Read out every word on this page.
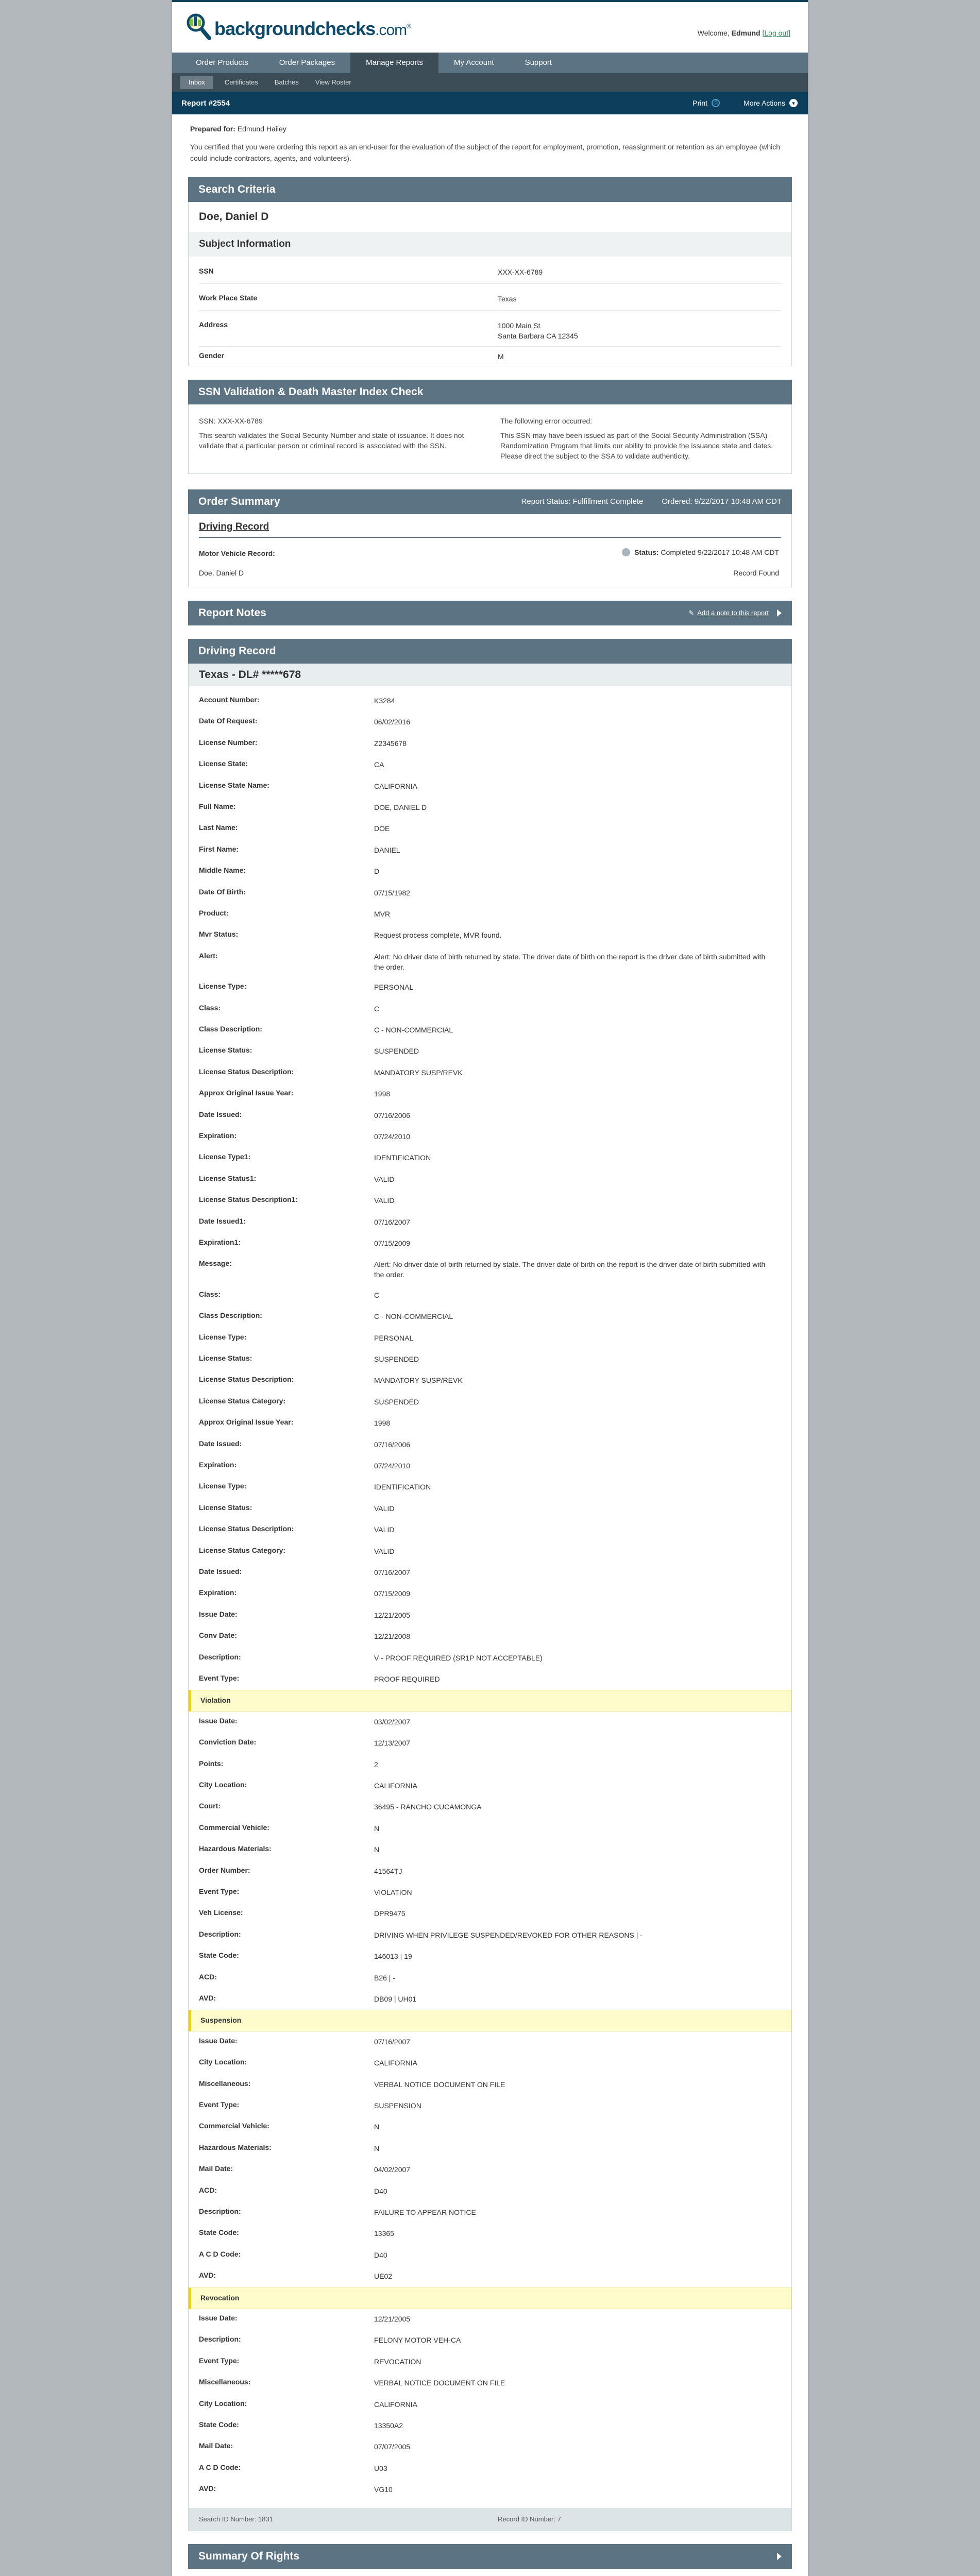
backgroundchecks.com®
Welcome, Edmund [Log out]
Order Products	Order Packages	Manage Reports	My Account	Support
Inbox	Certificates	Batches	View Roster
Report #2554	Print	⎙	More Actions	▾
Prepared for: Edmund Hailey
You certified that you were ordering this report as an end-user for the evaluation of the subject of the report for employment, promotion, reassignment or retention as an employee (which could include contractors, agents, and volunteers).
Search Criteria
Doe, Daniel D
Subject Information
SSN	XXX-XX-6789
Work Place State	Texas
Address	1000 Main St
Santa Barbara CA 12345
Gender	M
SSN Validation & Death Master Index Check
SSN: XXX-XX-6789
This search validates the Social Security Number and state of issuance. It does not validate that a particular person or criminal record is associated with the SSN.
The following error occurred:
This SSN may have been issued as part of the Social Security Administration (SSA) Randomization Program that limits our ability to provide the issuance state and dates. Please direct the subject to the SSA to validate authenticity.
Order Summary	Report Status: Fulfillment Complete Ordered: 9/22/2017 10:48 AM CDT
Driving Record
Motor Vehicle Record:	Status:
Completed 9/22/2017 10:48 AM CDT
Doe, Daniel D	Record Found
Report Notes	✎ Add a note to this report
Driving Record
Texas - DL# *****678
Account Number:	K3284
Date Of Request:	06/02/2016
License Number:	Z2345678
License State:	CA
License State Name:	CALIFORNIA
Full Name:	DOE, DANIEL D
Last Name:	DOE
First Name:	DANIEL
Middle Name:	D
Date Of Birth:	07/15/1982
Product:	MVR
Mvr Status:	Request process complete, MVR found.
Alert:	Alert: No driver date of birth returned by state. The driver date of birth on the report is the driver date of birth submitted with the order.
License Type:	PERSONAL
Class:	C
Class Description:	C - NON-COMMERCIAL
License Status:	SUSPENDED
License Status Description:	MANDATORY SUSP/REVK
Approx Original Issue Year:	1998
Date Issued:	07/16/2006
Expiration:	07/24/2010
License Type1:	IDENTIFICATION
License Status1:	VALID
License Status Description1:	VALID
Date Issued1:	07/16/2007
Expiration1:	07/15/2009
Message:	Alert: No driver date of birth returned by state. The driver date of birth on the report is the driver date of birth submitted with the order.
Class:	C
Class Description:	C - NON-COMMERCIAL
License Type:	PERSONAL
License Status:	SUSPENDED
License Status Description:	MANDATORY SUSP/REVK
License Status Category:	SUSPENDED
Approx Original Issue Year:	1998
Date Issued:	07/16/2006
Expiration:	07/24/2010
License Type:	IDENTIFICATION
License Status:	VALID
License Status Description:	VALID
License Status Category:	VALID
Date Issued:	07/16/2007
Expiration:	07/15/2009
Issue Date:	12/21/2005
Conv Date:	12/21/2008
Description:	V - PROOF REQUIRED (SR1P NOT ACCEPTABLE)
Event Type:	PROOF REQUIRED
Violation
Issue Date:	03/02/2007
Conviction Date:	12/13/2007
Points:	2
City Location:	CALIFORNIA
Court:	36495 - RANCHO CUCAMONGA
Commercial Vehicle:	N
Hazardous Materials:	N
Order Number:	41564TJ
Event Type:	VIOLATION
Veh License:	DPR9475
Description:	DRIVING WHEN PRIVILEGE SUSPENDED/REVOKED FOR OTHER REASONS | -
State Code:	146013 | 19
ACD:	B26 | -
AVD:	DB09 | UH01
Suspension
Issue Date:	07/16/2007
City Location:	CALIFORNIA
Miscellaneous:	VERBAL NOTICE DOCUMENT ON FILE
Event Type:	SUSPENSION
Commercial Vehicle:	N
Hazardous Materials:	N
Mail Date:	04/02/2007
ACD:	D40
Description:	FAILURE TO APPEAR NOTICE
State Code:	13365
A C D Code:	D40
AVD:	UE02
Revocation
Issue Date:	12/21/2005
Description:	FELONY MOTOR VEH-CA
Event Type:	REVOCATION
Miscellaneous:	VERBAL NOTICE DOCUMENT ON FILE
City Location:	CALIFORNIA
State Code:	13350A2
Mail Date:	07/07/2005
A C D Code:	U03
AVD:	VG10
Search ID Number: 1831	Record ID Number: 7
Summary Of Rights
